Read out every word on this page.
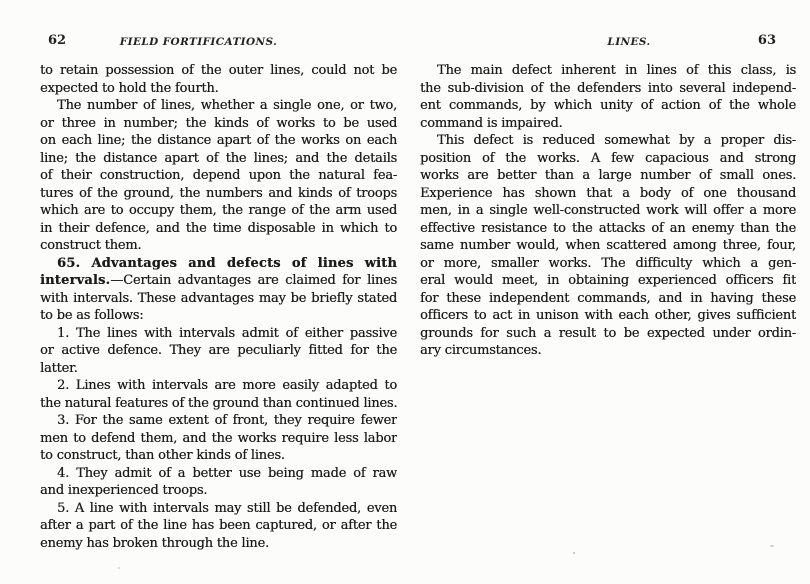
62	FIELD FORTIFICATIONS.
to retain possession of the outer lines, could not be
expected to hold the fourth.
The number of lines, whether a single one, or two,
or three in number; the kinds of works to be used
on each line; the distance apart of the works on each
line; the distance apart of the lines; and the details
of their construction, depend upon the natural fea-
tures of the ground, the numbers and kinds of troops
which are to occupy them, the range of the arm used
in their defence, and the time disposable in which to
construct them.
65. Advantages and defects of lines with
intervals.—Certain advantages are claimed for lines
with intervals. These advantages may be briefly stated
to be as follows:
1. The lines with intervals admit of either passive
or active defence. They are peculiarly fitted for the
latter.
2. Lines with intervals are more easily adapted to
the natural features of the ground than continued lines.
3. For the same extent of front, they require fewer
men to defend them, and the works require less labor
to construct, than other kinds of lines.
4. They admit of a better use being made of raw
and inexperienced troops.
5. A line with intervals may still be defended, even
after a part of the line has been captured, or after the
enemy has broken through the line.
LINES.	63
The main defect inherent in lines of this class, is
the sub-division of the defenders into several independ-
ent commands, by which unity of action of the whole
command is impaired.
This defect is reduced somewhat by a proper dis-
position of the works. A few capacious and strong
works are better than a large number of small ones.
Experience has shown that a body of one thousand
men, in a single well-constructed work will offer a more
effective resistance to the attacks of an enemy than the
same number would, when scattered among three, four,
or more, smaller works. The difficulty which a gen-
eral would meet, in obtaining experienced officers fit
for these independent commands, and in having these
officers to act in unison with each other, gives sufficient
grounds for such a result to be expected under ordin-
ary circumstances.
